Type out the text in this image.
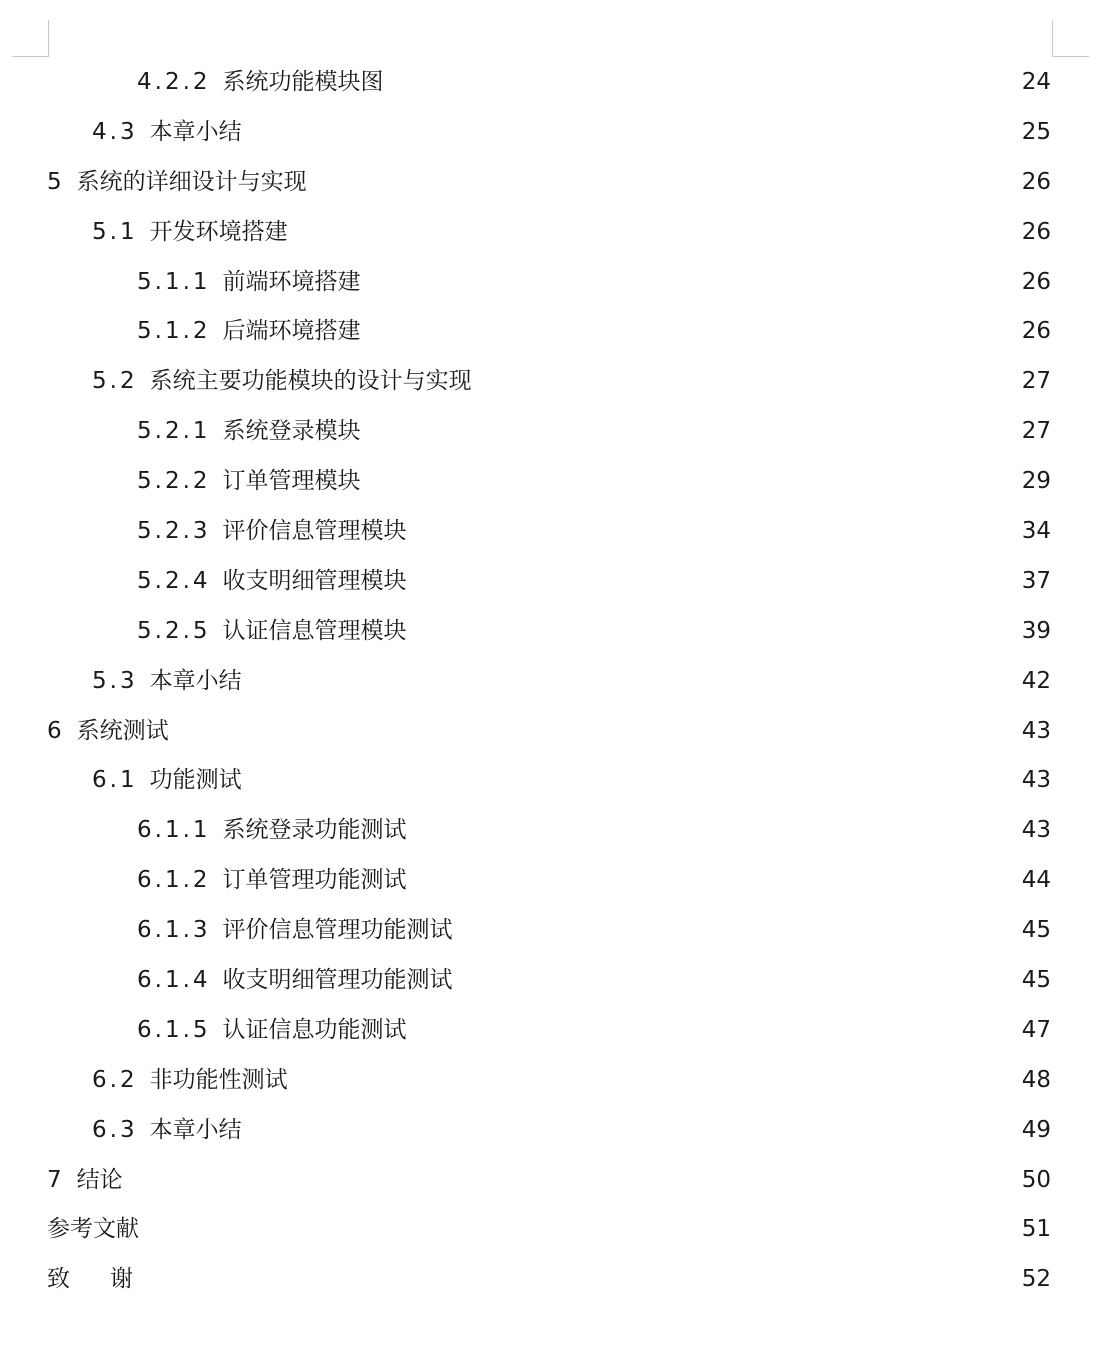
4.2.2 系统功能模块图	24
4.3 本章小结	25
5 系统的详细设计与实现	26
5.1 开发环境搭建	26
5.1.1 前端环境搭建	26
5.1.2 后端环境搭建	26
5.2 系统主要功能模块的设计与实现	27
5.2.1 系统登录模块	27
5.2.2 订单管理模块	29
5.2.3 评价信息管理模块	34
5.2.4 收支明细管理模块	37
5.2.5 认证信息管理模块	39
5.3 本章小结	42
6 系统测试	43
6.1 功能测试	43
6.1.1 系统登录功能测试	43
6.1.2 订单管理功能测试	44
6.1.3 评价信息管理功能测试	45
6.1.4 收支明细管理功能测试	45
6.1.5 认证信息功能测试	47
6.2 非功能性测试	48
6.3 本章小结	49
7 结论	50
参考文献	51
致谢	52
